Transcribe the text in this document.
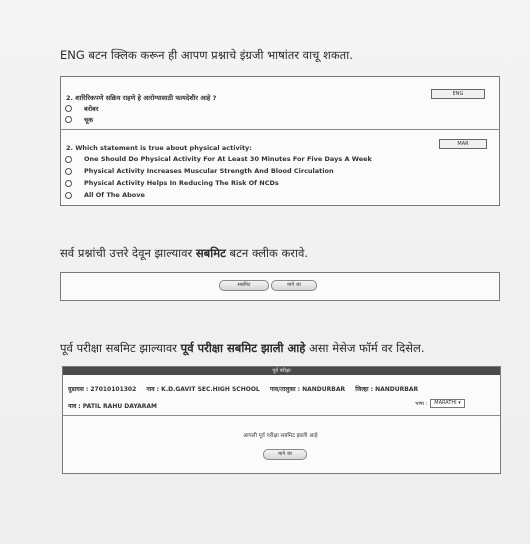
ENG बटन क्लिक करून ही आपण प्रश्नाचे इंग्रजी भाषांतर वाचू शकता.
2. शारिरिकपणे सक्रिय राहणे हे आरोग्यासाठी फायदेशीर आहे ?
बरोबर
चूक
ENG
2. Which statement is true about physical activity:	MAR
One Should Do Physical Activity For At Least 30 Minutes For Five Days A Week
Physical Activity Increases Muscular Strength And Blood Circulation
Physical Activity Helps In Reducing The Risk Of NCDs
All Of The Above
सर्व प्रश्नांची उत्तरे देवून झाल्यावर सबमिट बटन क्लीक करावे.
सबमिट	मागे जा
पूर्व परीक्षा सबमिट झाल्यावर पूर्व परीक्षा सबमिट झाली आहे असा मेसेज फॉर्म वर दिसेल.
पूर्व परीक्षा
युडायस : 27010101302 नाव : K.D.GAVIT SEC.HIGH SCHOOL गाव/तालुका : NANDURBAR जिल्हा : NANDURBAR
नाव : PATIL RAHU DAYARAM	भाषा :	MARATHI ▾
आपली पूर्व परीक्षा सबमिट झाली आहे
मागे जा
